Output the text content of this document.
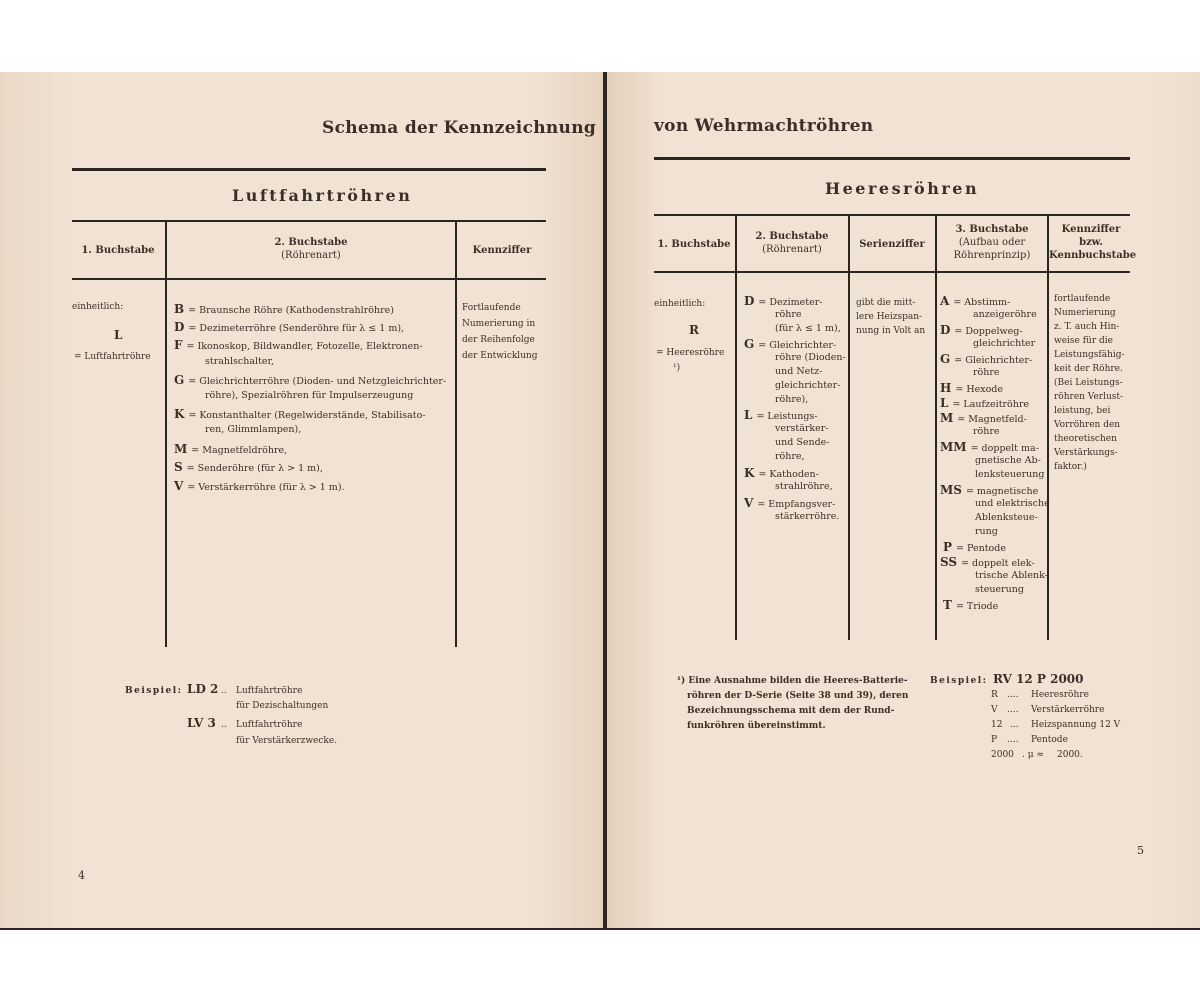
Schema der Kennzeichnung
Luftfahrtröhren
1. Buchstabe
2. Buchstabe
(Röhrenart)	Kennziffer
einheitlich:
L
= Luftfahrtröhre
B = Braunsche Röhre (Kathodenstrahlröhre)
D = Dezimeterröhre (Senderöhre für λ ≤ 1 m),
F = Ikonoskop, Bildwandler, Fotozelle, Elektronen-
strahlschalter,
G = Gleichrichterröhre (Dioden- und Netzgleichrichter-
röhre), Spezialröhren für Impulserzeugung
K = Konstanthalter (Regelwiderstände, Stabilisato-
ren, Glimmlampen),
M = Magnetfeldröhre,
S = Senderöhre (für λ > 1 m),
V = Verstärkerröhre (für λ > 1 m).
Fortlaufende
Numerierung in
der Reihenfolge
der Entwicklung
Beispiel: LD 2 .. Luftfahrtröhre
für Dezischaltungen
LV 3 .. Luftfahrtröhre
für Verstärkerzwecke.
4
von Wehrmachtröhren
Heeresröhren
1. Buchstabe
2. Buchstabe
(Röhrenart)	Serienziffer
3. Buchstabe
(Aufbau oder
Röhrenprinzip)
Kennziffer
bzw.
Kennbuchstabe
einheitlich:
R
= Heeresröhre
¹)
D = Dezimeter-
röhre
(für λ ≤ 1 m),
G = Gleichrichter-
röhre (Dioden-
und Netz-
gleichrichter-
röhre),
L = Leistungs-
verstärker-
und Sende-
röhre,
K = Kathoden-
strahlröhre,
V = Empfangsver-
stärkerröhre.
gibt die mitt-
lere Heizspan-
nung in Volt an
A = Abstimm-
anzeigeröhre
D = Doppelweg-
gleichrichter
G = Gleichrichter-
röhre
H = Hexode
L = Laufzeitröhre
M = Magnetfeld-
röhre
MM = doppelt ma-
gnetische Ab-
lenksteuerung
MS = magnetische
und elektrische
Ablenksteue-
rung
P = Pentode
SS = doppelt elek-
trische Ablenk-
steuerung
T = Triode
fortlaufende
Numerierung
z. T. auch Hin-
weise für die
Leistungsfähig-
keit der Röhre.
(Bei Leistungs-
röhren Verlust-
leistung, bei
Vorröhren den
theoretischen
Verstärkungs-
faktor.)
¹) Eine Ausnahme bilden die Heeres-Batterie-
röhren der D-Serie (Seite 38 und 39), deren
Bezeichnungsschema mit dem der Rund-
funkröhren übereinstimmt.
Beispiel: RV 12 P 2000
R .... Heeresröhre
V .... Verstärkerröhre
12 ... Heizspannung 12 V
P .... Pentode
2000 . μ ≈ 2000.
5
